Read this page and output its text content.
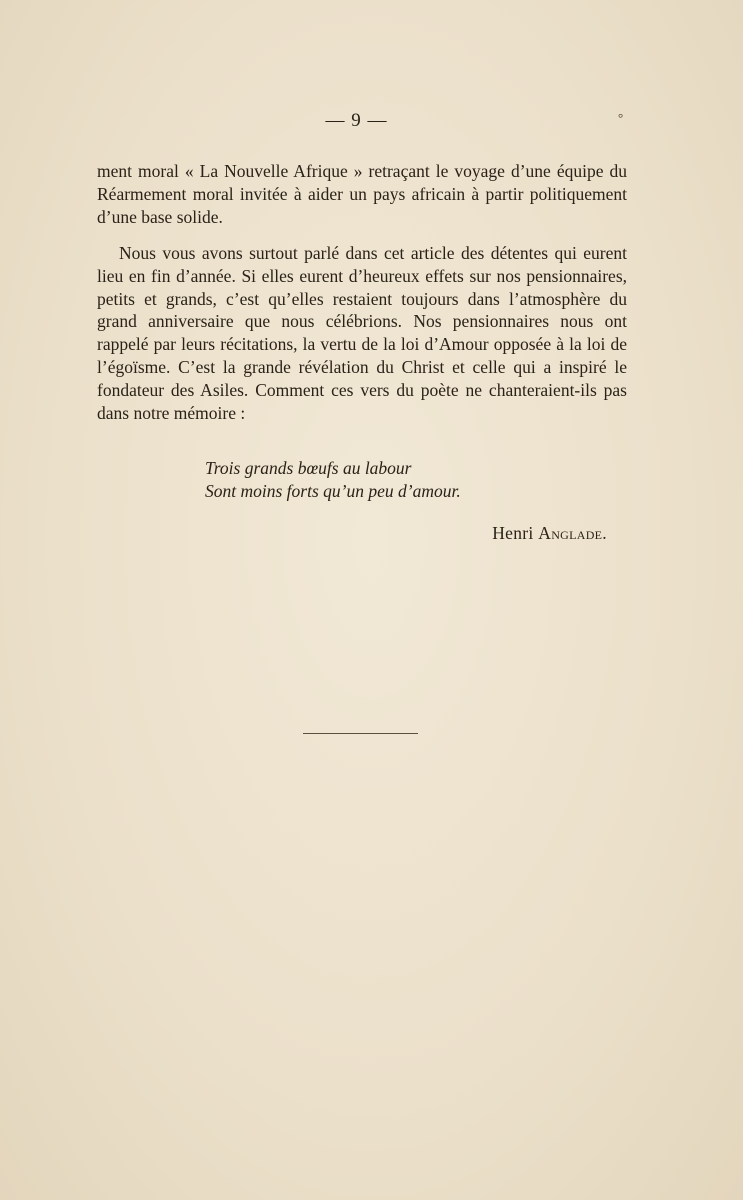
— 9 —	°

ment moral « La Nouvelle Afrique » retraçant le voyage d’une équipe du Réarmement moral invitée à aider un pays africain à partir politiquement d’une base solide.

Nous vous avons surtout parlé dans cet article des détentes qui eurent lieu en fin d’année. Si elles eurent d’heureux effets sur nos pensionnaires, petits et grands, c’est qu’elles restaient toujours dans l’atmosphère du grand anniversaire que nous célébrions. Nos pensionnaires nous ont rappelé par leurs récitations, la vertu de la loi d’Amour opposée à la loi de l’égoïsme. C’est la grande révélation du Christ et celle qui a inspiré le fondateur des Asiles. Comment ces vers du poète ne chanteraient-ils pas dans notre mémoire :

Trois grands bœufs au labour
Sont moins forts qu’un peu d’amour.
Henri Anglade.
